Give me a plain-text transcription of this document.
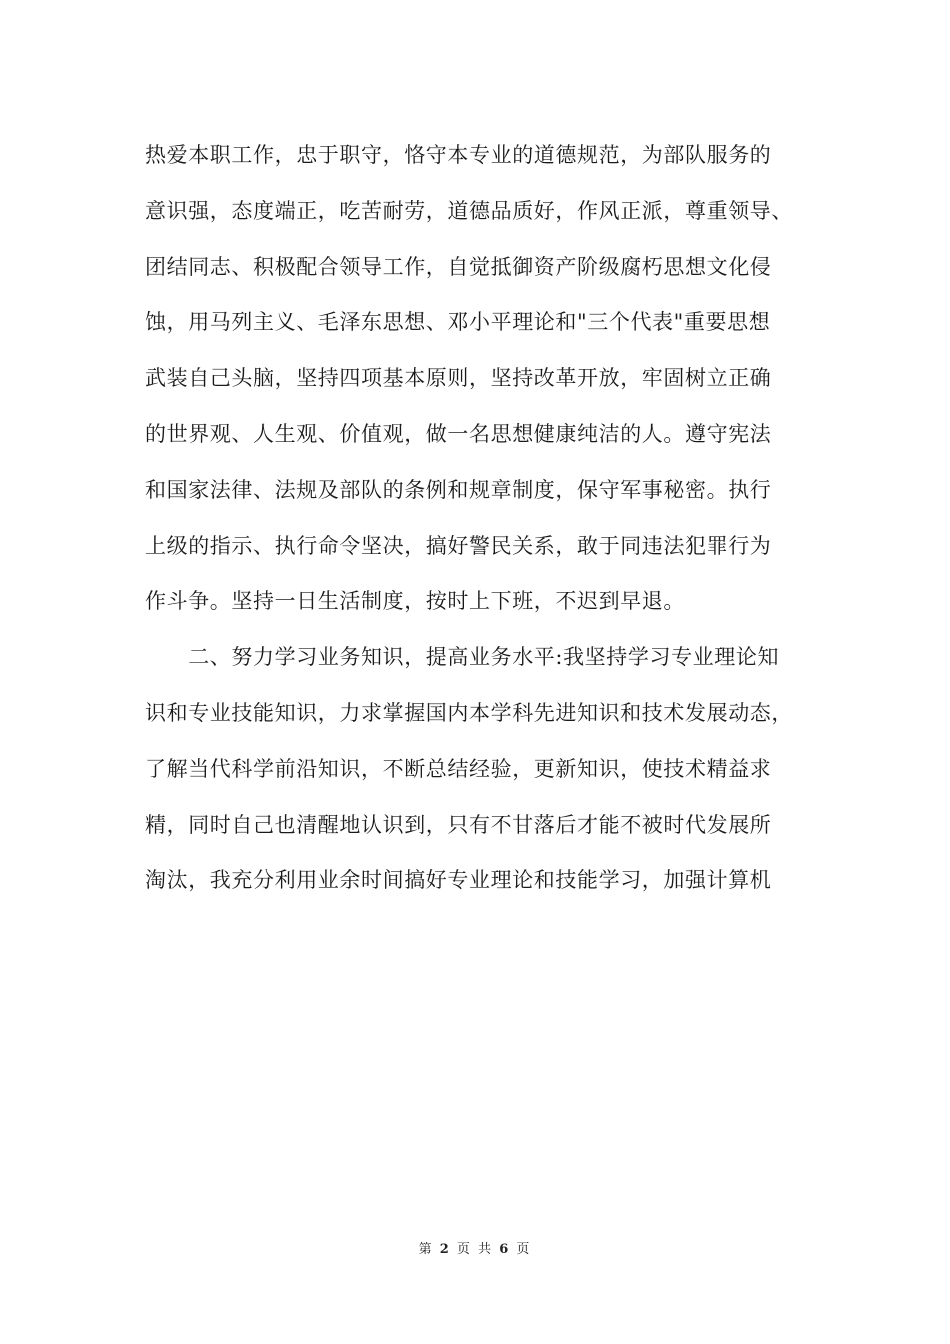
热爱本职工作，忠于职守，恪守本专业的道德规范，为部队服务的
意识强，态度端正，吃苦耐劳，道德品质好，作风正派，尊重领导、
团结同志、积极配合领导工作，自觉抵御资产阶级腐朽思想文化侵
蚀，用马列主义、毛泽东思想、邓小平理论和"三个代表"重要思想
武装自己头脑，坚持四项基本原则，坚持改革开放，牢固树立正确
的世界观、人生观、价值观，做一名思想健康纯洁的人。遵守宪法
和国家法律、法规及部队的条例和规章制度，保守军事秘密。执行
上级的指示、执行命令坚决，搞好警民关系，敢于同违法犯罪行为
作斗争。坚持一日生活制度，按时上下班，不迟到早退。
　　二、努力学习业务知识，提高业务水平:我坚持学习专业理论知
识和专业技能知识，力求掌握国内本学科先进知识和技术发展动态，
了解当代科学前沿知识，不断总结经验，更新知识，使技术精益求
精，同时自己也清醒地认识到，只有不甘落后才能不被时代发展所
淘汰，我充分利用业余时间搞好专业理论和技能学习，加强计算机
第 2 页 共 6 页
